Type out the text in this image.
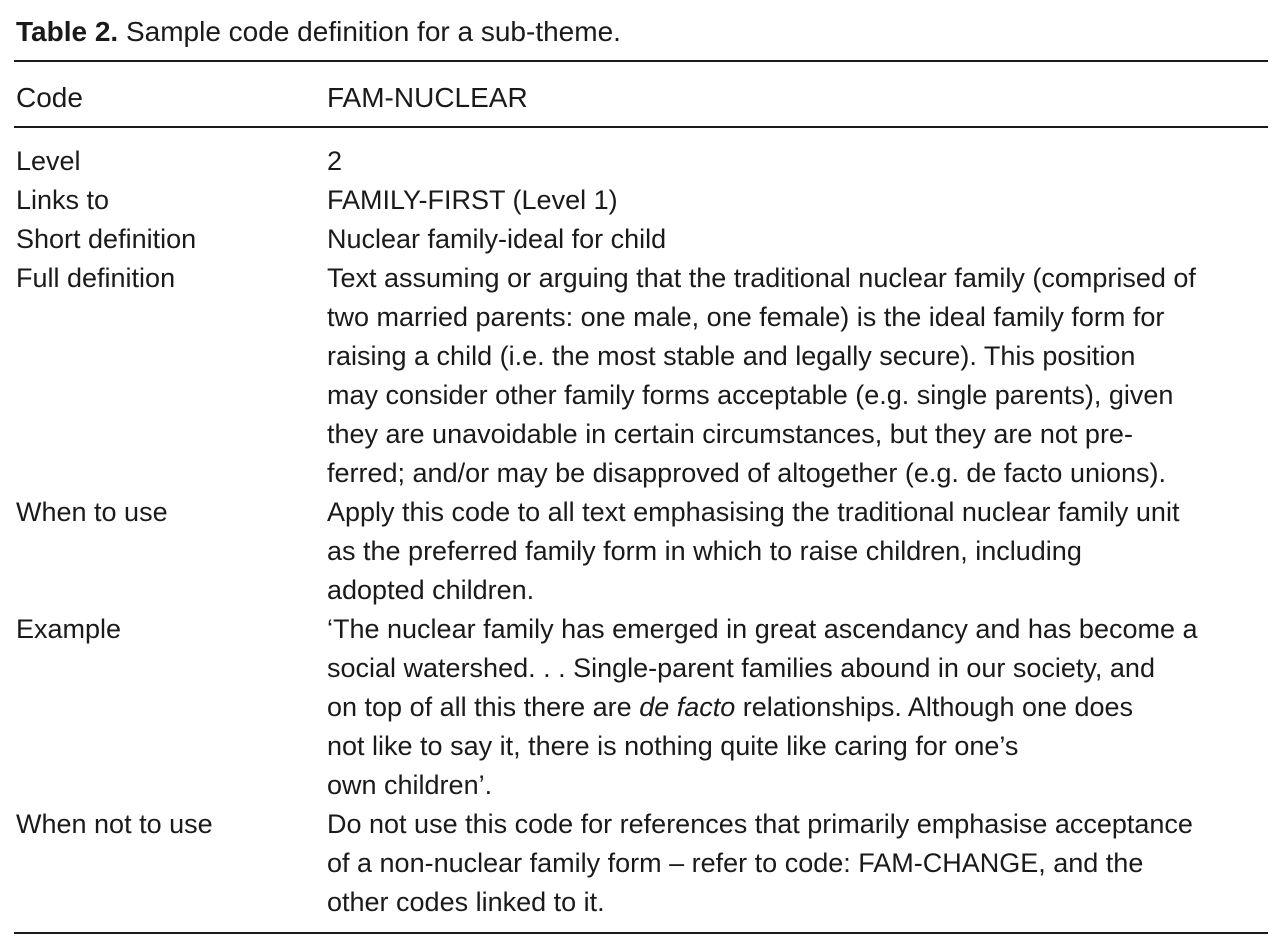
Table 2. Sample code definition for a sub-theme.
Code	FAM-NUCLEAR
Level	2
Links to	FAMILY-FIRST (Level 1)
Short definition	Nuclear family-ideal for child
Full definition	Text assuming or arguing that the traditional nuclear family (comprised of
two married parents: one male, one female) is the ideal family form for
raising a child (i.e. the most stable and legally secure). This position
may consider other family forms acceptable (e.g. single parents), given
they are unavoidable in certain circumstances, but they are not pre-
ferred; and/or may be disapproved of altogether (e.g. de facto unions).
When to use	Apply this code to all text emphasising the traditional nuclear family unit
as the preferred family form in which to raise children, including
adopted children.
Example	‘The nuclear family has emerged in great ascendancy and has become a
social watershed. . . Single-parent families abound in our society, and
on top of all this there are de facto relationships. Although one does
not like to say it, there is nothing quite like caring for one’s
own children’.
When not to use	Do not use this code for references that primarily emphasise acceptance
of a non-nuclear family form – refer to code: FAM-CHANGE, and the
other codes linked to it.
